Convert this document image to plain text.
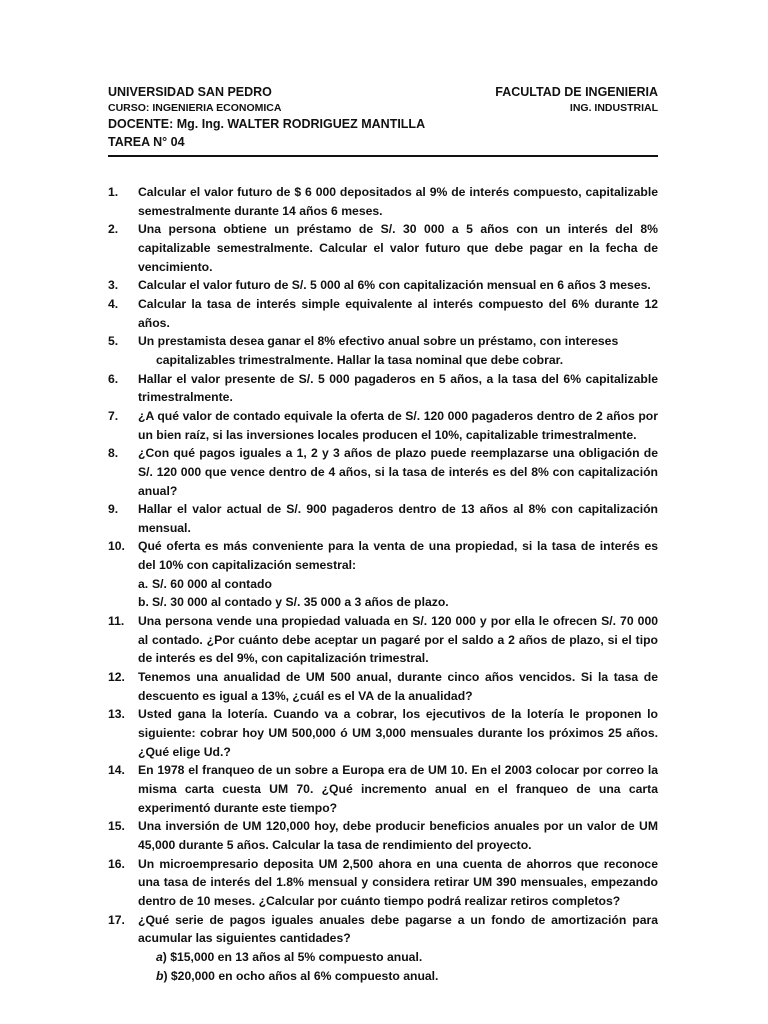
UNIVERSIDAD SAN PEDRO	FACULTAD DE INGENIERIA
CURSO: INGENIERIA ECONOMICA	ING. INDUSTRIAL
DOCENTE: Mg. Ing. WALTER RODRIGUEZ MANTILLA
TAREA N° 04
1.	Calcular el valor futuro de $ 6 000 depositados al 9% de interés compuesto, capitalizable semestralmente durante 14 años 6 meses.
2.	Una persona obtiene un préstamo de S/. 30 000 a 5 años con un interés del 8% capitalizable semestralmente. Calcular el valor futuro que debe pagar en la fecha de vencimiento.
3.	Calcular el valor futuro de S/. 5 000 al 6% con capitalización mensual en 6 años 3 meses.
4.	Calcular la tasa de interés simple equivalente al interés compuesto del 6% durante 12 años.
5.	Un prestamista desea ganar el 8% efectivo anual sobre un préstamo, con intereses
capitalizables trimestralmente. Hallar la tasa nominal que debe cobrar.
6.	Hallar el valor presente de S/. 5 000 pagaderos en 5 años, a la tasa del 6% capitalizable trimestralmente.
7.	¿A qué valor de contado equivale la oferta de S/. 120 000 pagaderos dentro de 2 años por un bien raíz, si las inversiones locales producen el 10%, capitalizable trimestralmente.
8.	¿Con qué pagos iguales a 1, 2 y 3 años de plazo puede reemplazarse una obligación de S/. 120 000 que vence dentro de 4 años, si la tasa de interés es del 8% con capitalización anual?
9.	Hallar el valor actual de S/. 900 pagaderos dentro de 13 años al 8% con capitalización mensual.
10.	Qué oferta es más conveniente para la venta de una propiedad, si la tasa de interés es del 10% con capitalización semestral:
a. S/. 60 000 al contado
b. S/. 30 000 al contado y S/. 35 000 a 3 años de plazo.
11.	Una persona vende una propiedad valuada en S/. 120 000 y por ella le ofrecen S/. 70 000 al contado. ¿Por cuánto debe aceptar un pagaré por el saldo a 2 años de plazo, si el tipo de interés es del 9%, con capitalización trimestral.
12.	Tenemos una anualidad de UM 500 anual, durante cinco años vencidos. Si la tasa de descuento es igual a 13%, ¿cuál es el VA de la anualidad?
13.	Usted gana la lotería. Cuando va a cobrar, los ejecutivos de la lotería le proponen lo siguiente: cobrar hoy UM 500,000 ó UM 3,000 mensuales durante los próximos 25 años. ¿Qué elige Ud.?
14.	En 1978 el franqueo de un sobre a Europa era de UM 10. En el 2003 colocar por correo la misma carta cuesta UM 70. ¿Qué incremento anual en el franqueo de una carta experimentó durante este tiempo?
15.	Una inversión de UM 120,000 hoy, debe producir beneficios anuales por un valor de UM 45,000 durante 5 años. Calcular la tasa de rendimiento del proyecto.
16.	Un microempresario deposita UM 2,500 ahora en una cuenta de ahorros que reconoce una tasa de interés del 1.8% mensual y considera retirar UM 390 mensuales, empezando dentro de 10 meses. ¿Calcular por cuánto tiempo podrá realizar retiros completos?
17.	¿Qué serie de pagos iguales anuales debe pagarse a un fondo de amortización para acumular las siguientes cantidades?
a) $15,000 en 13 años al 5% compuesto anual.
b) $20,000 en ocho años al 6% compuesto anual.
